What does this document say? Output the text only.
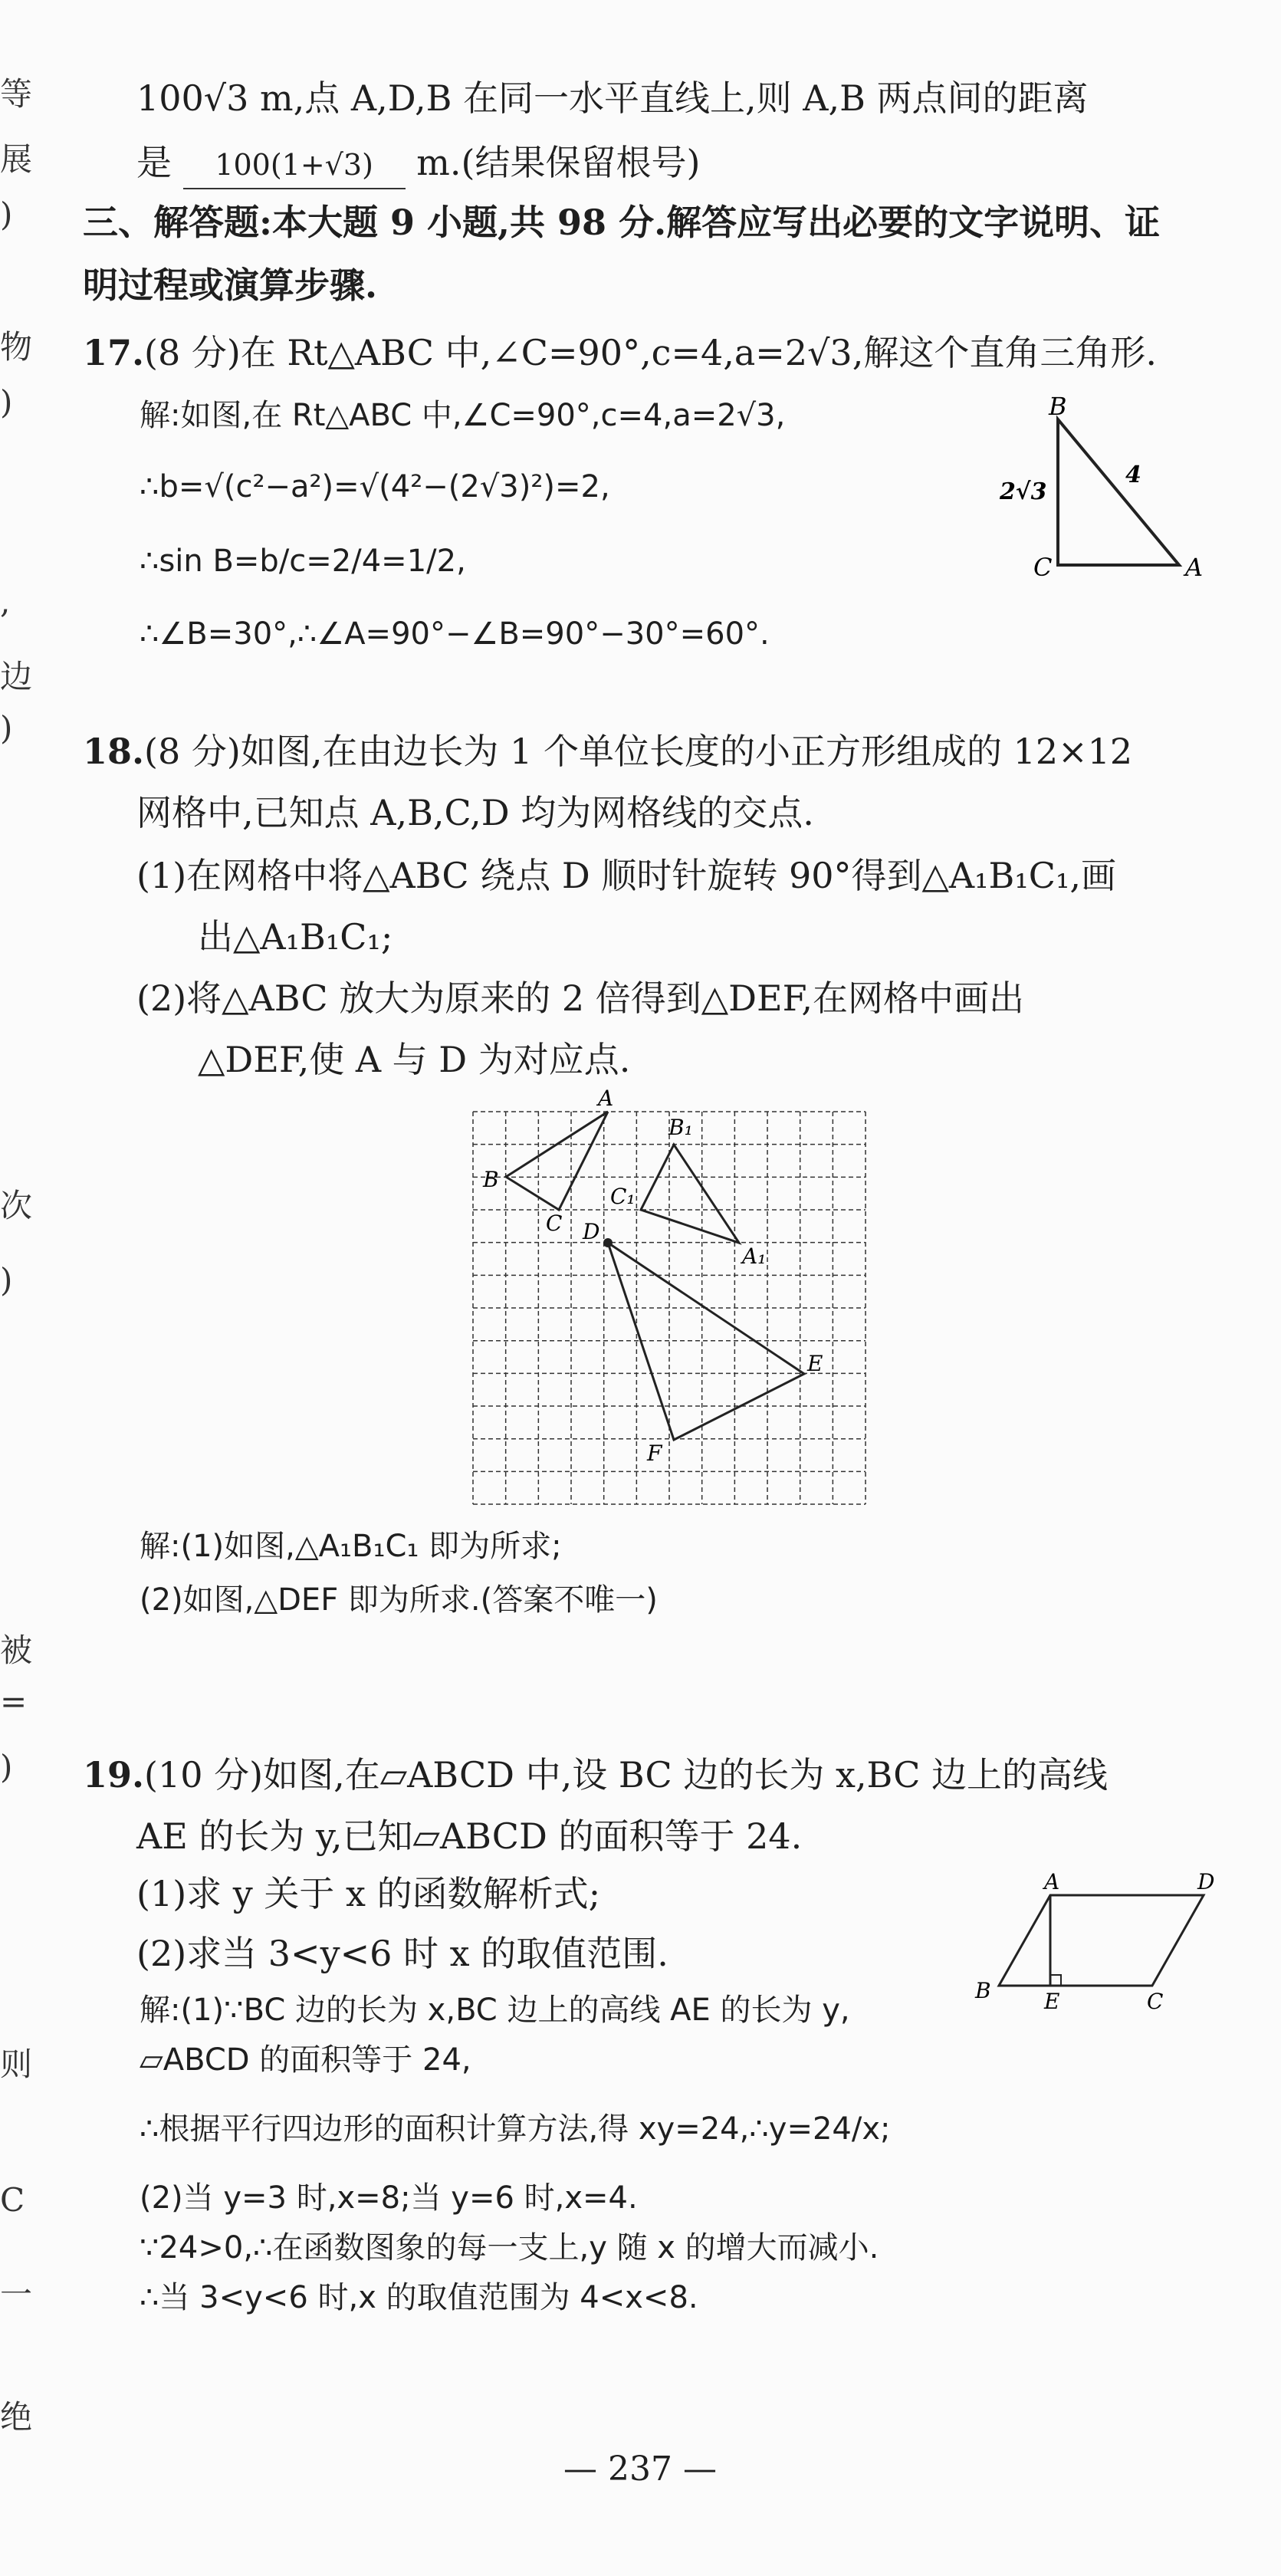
等
展
)
物
)
,
边
)
次
)
被
=
)
则
C
一
绝
100√3 m,点 A,D,B 在同一水平直线上,则 A,B 两点间的距离
是 100(1+√3) m.(结果保留根号)
三、解答题:本大题 9 小题,共 98 分.解答应写出必要的文字说明、证
明过程或演算步骤.
17.(8 分)在 Rt△ABC 中,∠C=90°,c=4,a=2√3,解这个直角三角形.
解:如图,在 Rt△ABC 中,∠C=90°,c=4,a=2√3,
∴b=√(c²−a²)=√(4²−(2√3)²)=2,
∴sin B=b/c=2/4=1/2,
∴∠B=30°,∴∠A=90°−∠B=90°−30°=60°.
B
C	A
2√3
4
18.(8 分)如图,在由边长为 1 个单位长度的小正方形组成的 12×12
网格中,已知点 A,B,C,D 均为网格线的交点.
(1)在网格中将△ABC 绕点 D 顺时针旋转 90°得到△A₁B₁C₁,画
出△A₁B₁C₁;
(2)将△ABC 放大为原来的 2 倍得到△DEF,在网格中画出
△DEF,使 A 与 D 为对应点.
A
B
C D
B₁
C₁
A₁
E
F
解:(1)如图,△A₁B₁C₁ 即为所求;
(2)如图,△DEF 即为所求.(答案不唯一)
19.(10 分)如图,在▱ABCD 中,设 BC 边的长为 x,BC 边上的高线
AE 的长为 y,已知▱ABCD 的面积等于 24.
(1)求 y 关于 x 的函数解析式;
(2)求当 3<y<6 时 x 的取值范围.
A	D
B E	C
解:(1)∵BC 边的长为 x,BC 边上的高线 AE 的长为 y,
▱ABCD 的面积等于 24,
∴根据平行四边形的面积计算方法,得 xy=24,∴y=24/x;
(2)当 y=3 时,x=8;当 y=6 时,x=4.
∵24>0,∴在函数图象的每一支上,y 随 x 的增大而减小.
∴当 3<y<6 时,x 的取值范围为 4<x<8.
— 237 —
